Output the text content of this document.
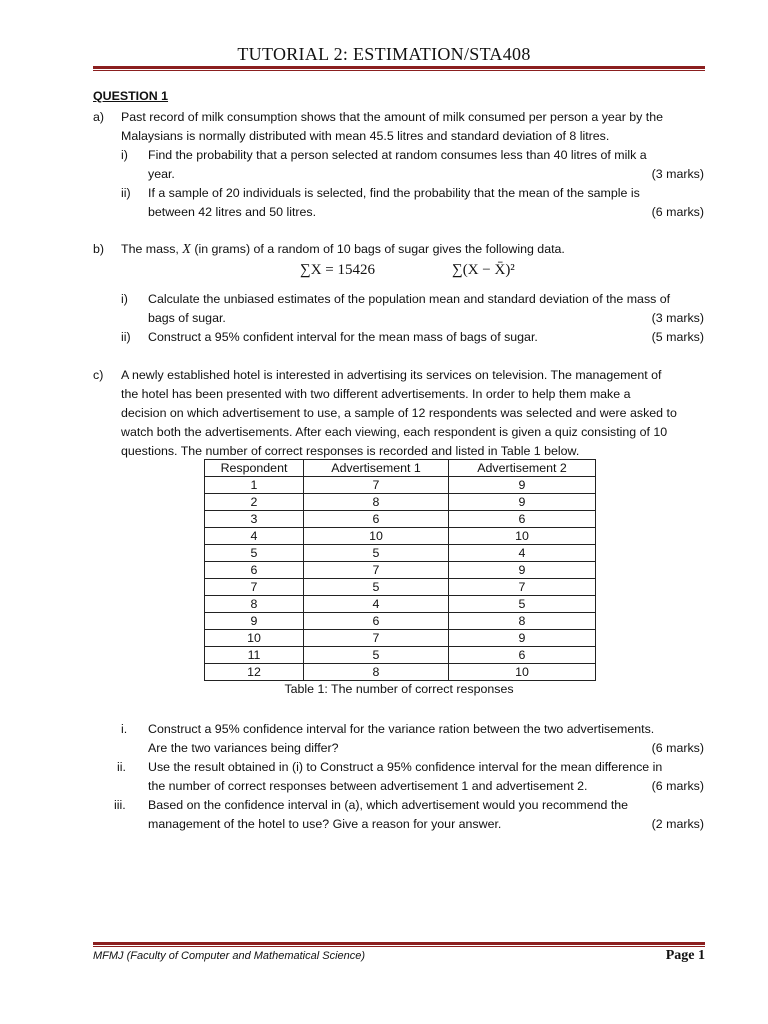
TUTORIAL 2: ESTIMATION/STA408
QUESTION 1
a) Past record of milk consumption shows that the amount of milk consumed per person a year by the
Malaysians is normally distributed with mean 45.5 litres and standard deviation of 8 litres.
i) Find the probability that a person selected at random consumes less than 40 litres of milk a
year.	(3 marks)
ii) If a sample of 20 individuals is selected, find the probability that the mean of the sample is
between 42 litres and 50 litres.	(6 marks)
b) The mass, X (in grams) of a random of 10 bags of sugar gives the following data.
∑X = 15426	∑(X − X̄)²
i) Calculate the unbiased estimates of the population mean and standard deviation of the mass of
bags of sugar.	(3 marks)
ii) Construct a 95% confident interval for the mean mass of bags of sugar.	(5 marks)
c) A newly established hotel is interested in advertising its services on television. The management of
the hotel has been presented with two different advertisements. In order to help them make a
decision on which advertisement to use, a sample of 12 respondents was selected and were asked to
watch both the advertisements. After each viewing, each respondent is given a quiz consisting of 10
questions. The number of correct responses is recorded and listed in Table 1 below.
Respondent	Advertisement 1	Advertisement 2
1	7	9
2	8	9
3	6	6
4	10	10
5	5	4
6	7	9
7	5	7
8	4	5
9	6	8
10	7	9
11	5	6
12	8	10
Table 1: The number of correct responses
i. Construct a 95% confidence interval for the variance ration between the two advertisements.
Are the two variances being differ?	(6 marks)
ii. Use the result obtained in (i) to Construct a 95% confidence interval for the mean difference in
the number of correct responses between advertisement 1 and advertisement 2.	(6 marks)
iii. Based on the confidence interval in (a), which advertisement would you recommend the
management of the hotel to use? Give a reason for your answer.	(2 marks)
MFMJ (Faculty of Computer and Mathematical Science)	Page 1
